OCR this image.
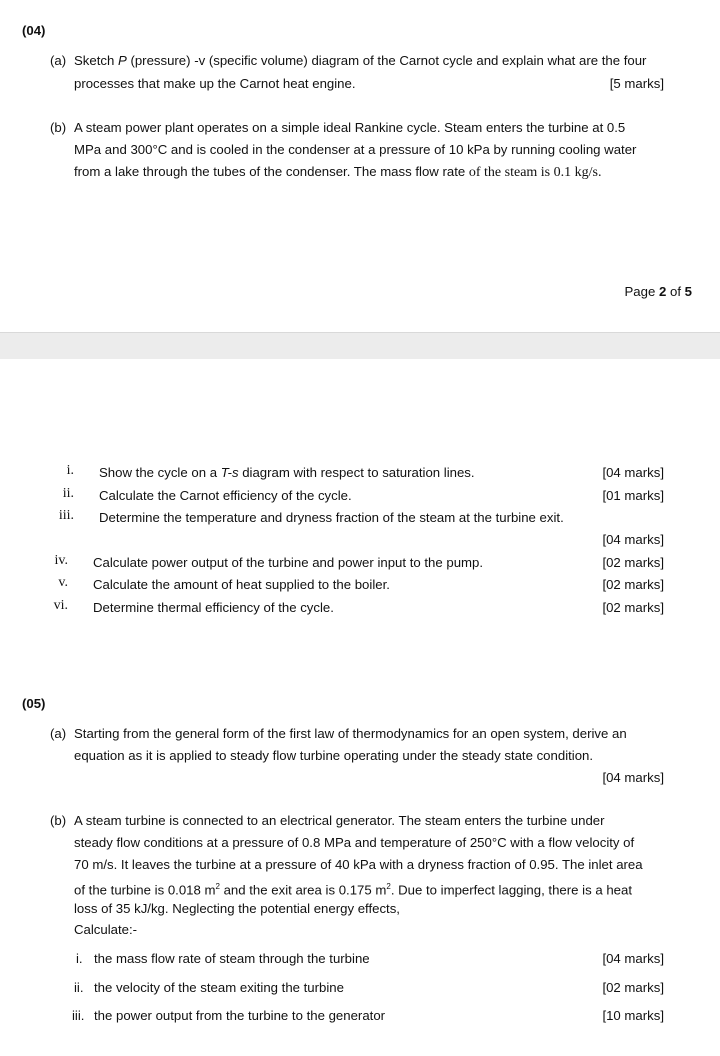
(04)
(a) Sketch P (pressure) -v (specific volume) diagram of the Carnot cycle and explain what are the four
processes that make up the Carnot heat engine.	[5 marks]
(b) A steam power plant operates on a simple ideal Rankine cycle. Steam enters the turbine at 0.5
MPa and 300°C and is cooled in the condenser at a pressure of 10 kPa by running cooling water
from a lake through the tubes of the condenser. The mass flow rate of the steam is 0.1 kg/s.
Page 2 of 5
i. Show the cycle on a T-s diagram with respect to saturation lines.	[04 marks]
ii. Calculate the Carnot efficiency of the cycle.	[01 marks]
iii. Determine the temperature and dryness fraction of the steam at the turbine exit.
[04 marks]
iv. Calculate power output of the turbine and power input to the pump.	[02 marks]
v. Calculate the amount of heat supplied to the boiler.	[02 marks]
vi. Determine thermal efficiency of the cycle.	[02 marks]
(05)
(a) Starting from the general form of the first law of thermodynamics for an open system, derive an
equation as it is applied to steady flow turbine operating under the steady state condition.
[04 marks]
(b) A steam turbine is connected to an electrical generator. The steam enters the turbine under
steady flow conditions at a pressure of 0.8 MPa and temperature of 250°C with a flow velocity of
70 m/s. It leaves the turbine at a pressure of 40 kPa with a dryness fraction of 0.95. The inlet area
of the turbine is 0.018 $m^2$ and the exit area is 0.175 $m^2$. Due to imperfect lagging, there is a heat
loss of 35 kJ/kg. Neglecting the potential energy effects,
Calculate:-
i. the mass flow rate of steam through the turbine	[04 marks]
ii. the velocity of the steam exiting the turbine	[02 marks]
iii. the power output from the turbine to the generator	[10 marks]
